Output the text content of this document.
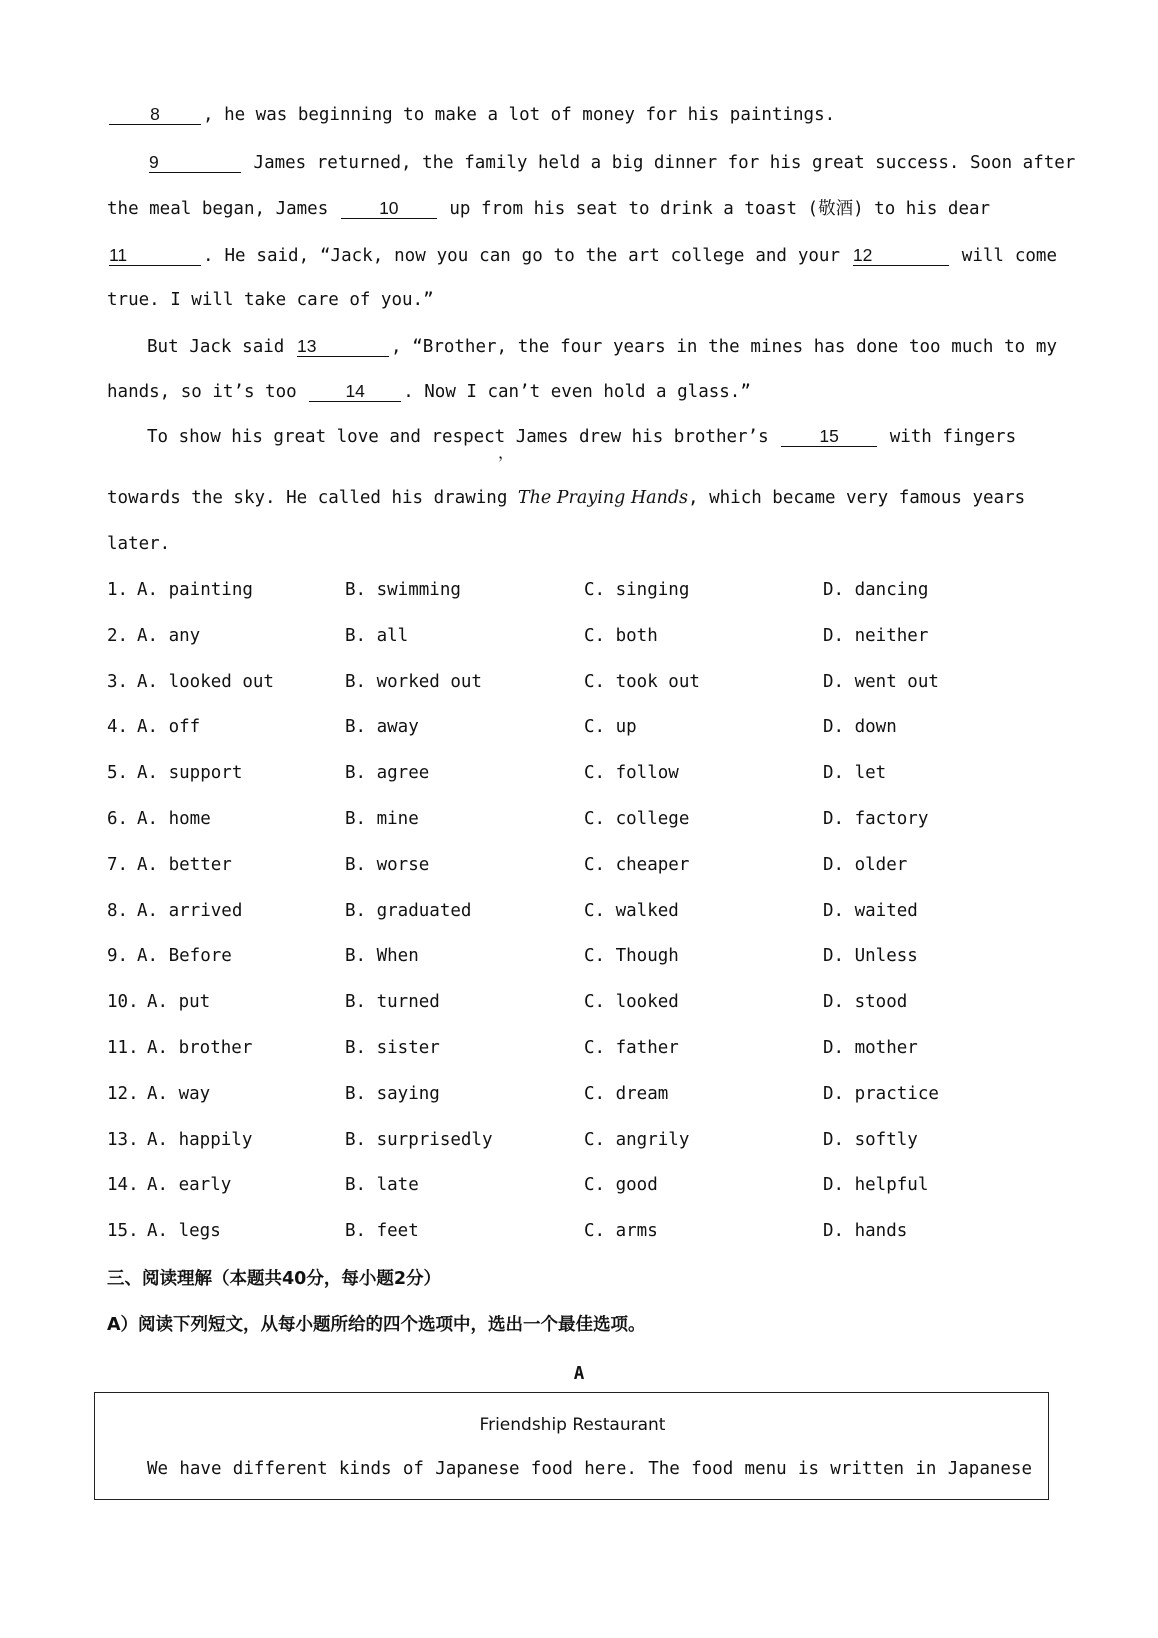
8 , he was beginning to make a lot of money for his paintings.
9	James returned, the family held a big dinner for his great success. Soon after
the meal began, James 10 up from his seat to drink a toast (敬酒) to his dear
11	. He said, “Jack, now you can go to the art college and your 12	will come
true. I will take care of you.”
But Jack said 13	, “Brother, the four years in the mines has done too much to my
hands, so it’s too 14 . Now I can’t even hold a glass.”
To show his great love and respect James drew his brother’s 15 with fingers
，
towards the sky. He called his drawing The Praying Hands, which became very famous years
later.
1. A. painting	B. swimming	C. singing	D. dancing
2. A. any	B. all	C. both	D. neither
3. A. looked out	B. worked out	C. took out	D. went out
4. A. off	B. away	C. up	D. down
5. A. support	B. agree	C. follow	D. let
6. A. home	B. mine	C. college	D. factory
7. A. better	B. worse	C. cheaper	D. older
8. A. arrived	B. graduated	C. walked	D. waited
9. A. Before	B. When	C. Though	D. Unless
10. A. put	B. turned	C. looked	D. stood
11. A. brother	B. sister	C. father	D. mother
12. A. way	B. saying	C. dream	D. practice
13. A. happily	B. surprisedly	C. angrily	D. softly
14. A. early	B. late	C. good	D. helpful
15. A. legs	B. feet	C. arms	D. hands
三、阅读理解（本题共40分，每小题2分）
A）阅读下列短文，从每小题所给的四个选项中，选出一个最佳选项。
A
Friendship Restaurant
We have different kinds of Japanese food here. The food menu is written in Japanese
